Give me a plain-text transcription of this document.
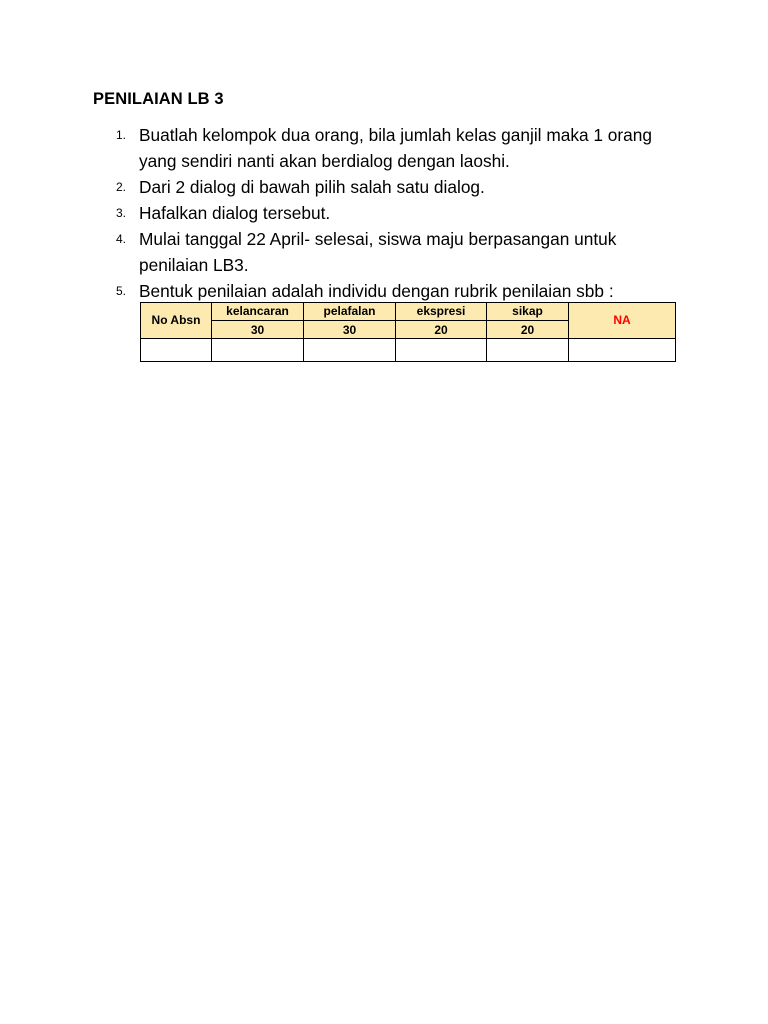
PENILAIAN LB 3
1. Buatlah kelompok dua orang, bila jumlah kelas ganjil maka 1 orang yang sendiri nanti akan berdialog dengan laoshi.
2. Dari 2 dialog di bawah pilih salah satu dialog.
3. Hafalkan dialog tersebut.
4. Mulai tanggal 22 April- selesai, siswa maju berpasangan untuk penilaian LB3.
5. Bentuk penilaian adalah individu dengan rubrik penilaian sbb :
No Absn	kelancaran	pelafalan	ekspresi	sikap	NA
	30	30	20	20	
